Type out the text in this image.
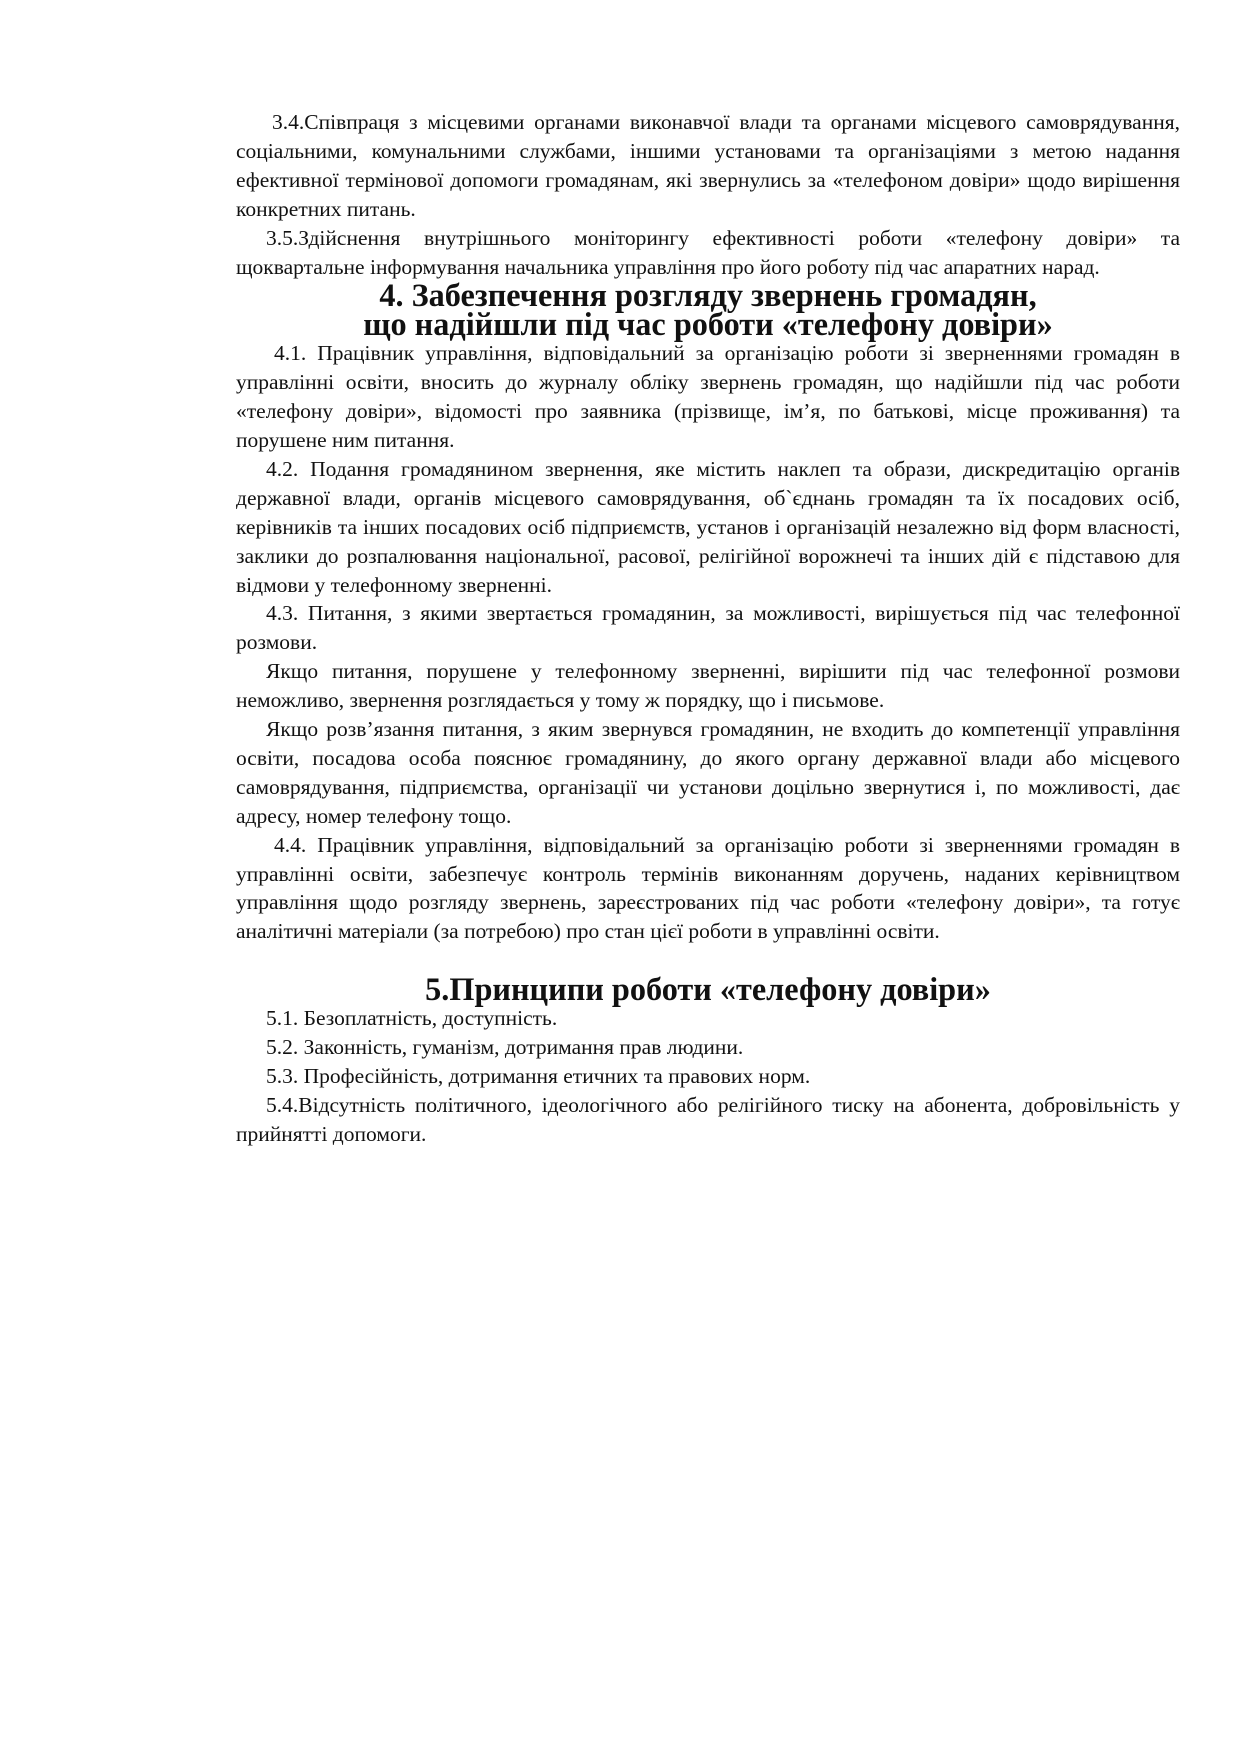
3.4.Співпраця з місцевими органами виконавчої влади та органами місцевого самоврядування, соціальними, комунальними службами, іншими установами та організаціями з метою надання ефективної термінової допомоги громадянам, які звернулись за «телефоном довіри» щодо вирішення конкретних питань.

3.5.Здійснення внутрішнього моніторингу ефективності роботи «телефону довіри» та щоквартальне інформування начальника управління про його роботу під час апаратних нарад.

4. Забезпечення розгляду звернень громадян,
що надійшли під час роботи «телефону довіри»

4.1. Працівник управління, відповідальний за організацію роботи зі зверненнями громадян в управлінні освіти, вносить до журналу обліку звернень громадян, що надійшли під час роботи «телефону довіри», відомості про заявника (прізвище, ім’я, по батькові, місце проживання) та порушене ним питання.

4.2. Подання громадянином звернення, яке містить наклеп та образи, дискредитацію органів державної влади, органів місцевого самоврядування, об`єднань громадян та їх посадових осіб, керівників та інших посадових осіб підприємств, установ і організацій незалежно від форм власності, заклики до розпалювання національної, расової, релігійної ворожнечі та інших дій є підставою для відмови у телефонному зверненні.

4.3. Питання, з якими звертається громадянин, за можливості, вирішується під час телефонної розмови.

Якщо питання, порушене у телефонному зверненні, вирішити під час телефонної розмови неможливо, звернення розглядається у тому ж порядку, що і письмове.

Якщо розв’язання питання, з яким звернувся громадянин, не входить до компетенції управління освіти, посадова особа пояснює громадянину, до якого органу державної влади або місцевого самоврядування, підприємства, організації чи установи доцільно звернутися і, по можливості, дає адресу, номер телефону тощо.

4.4. Працівник управління, відповідальний за організацію роботи зі зверненнями громадян в управлінні освіти, забезпечує контроль термінів виконанням доручень, наданих керівництвом управління щодо розгляду звернень, зареєстрованих під час роботи «телефону довіри», та готує аналітичні матеріали (за потребою) про стан цієї роботи в управлінні освіти.

5.Принципи роботи «телефону довіри»

5.1. Безоплатність, доступність.

5.2. Законність, гуманізм, дотримання прав людини.

5.3. Професійність, дотримання етичних та правових норм.

5.4.Відсутність політичного, ідеологічного або релігійного тиску на абонента, добровільність у прийнятті допомоги.
